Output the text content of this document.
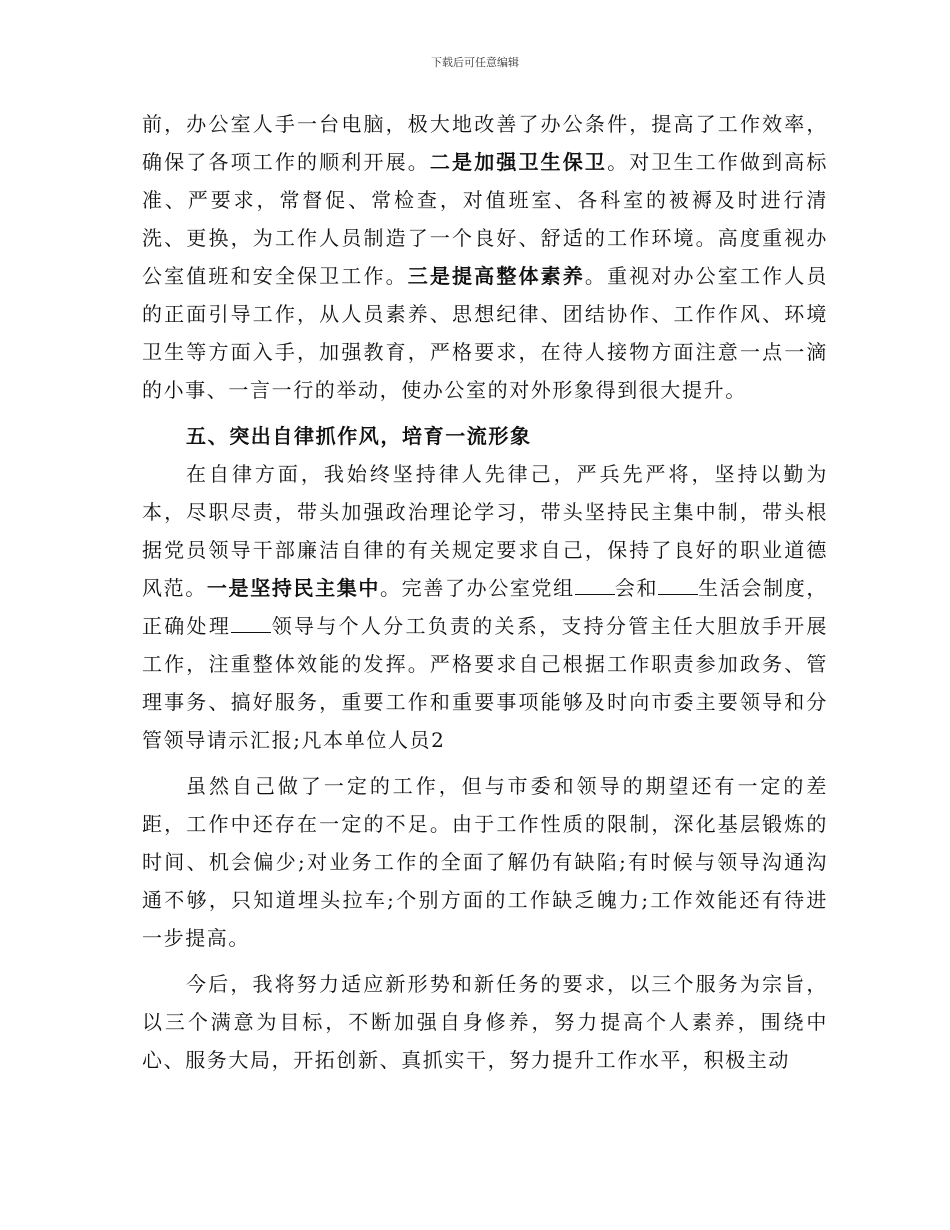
下载后可任意编辑

前，办公室人手一台电脑，极大地改善了办公条件，提高了工作效率，确保了各项工作的顺利开展。二是加强卫生保卫。对卫生工作做到高标准、严要求，常督促、常检查，对值班室、各科室的被褥及时进行清洗、更换，为工作人员制造了一个良好、舒适的工作环境。高度重视办公室值班和安全保卫工作。三是提高整体素养。重视对办公室工作人员的正面引导工作，从人员素养、思想纪律、团结协作、工作作风、环境卫生等方面入手，加强教育，严格要求，在待人接物方面注意一点一滴的小事、一言一行的举动，使办公室的对外形象得到很大提升。

五、突出自律抓作风，培育一流形象

在自律方面，我始终坚持律人先律己，严兵先严将，坚持以勤为本，尽职尽责，带头加强政治理论学习，带头坚持民主集中制，带头根据党员领导干部廉洁自律的有关规定要求自己，保持了良好的职业道德风范。一是坚持民主集中。完善了办公室党组 会和 生活会制度，正确处理 领导与个人分工负责的关系，支持分管主任大胆放手开展工作，注重整体效能的发挥。严格要求自己根据工作职责参加政务、管理事务、搞好服务，重要工作和重要事项能够及时向市委主要领导和分管领导请示汇报;凡本单位人员2

虽然自己做了一定的工作，但与市委和领导的期望还有一定的差距，工作中还存在一定的不足。由于工作性质的限制，深化基层锻炼的时间、机会偏少;对业务工作的全面了解仍有缺陷;有时候与领导沟通沟通不够，只知道埋头拉车;个别方面的工作缺乏魄力;工作效能还有待进一步提高。

今后，我将努力适应新形势和新任务的要求，以三个服务为宗旨，以三个满意为目标，不断加强自身修养，努力提高个人素养，围绕中心、服务大局，开拓创新、真抓实干，努力提升工作水平，积极主动
